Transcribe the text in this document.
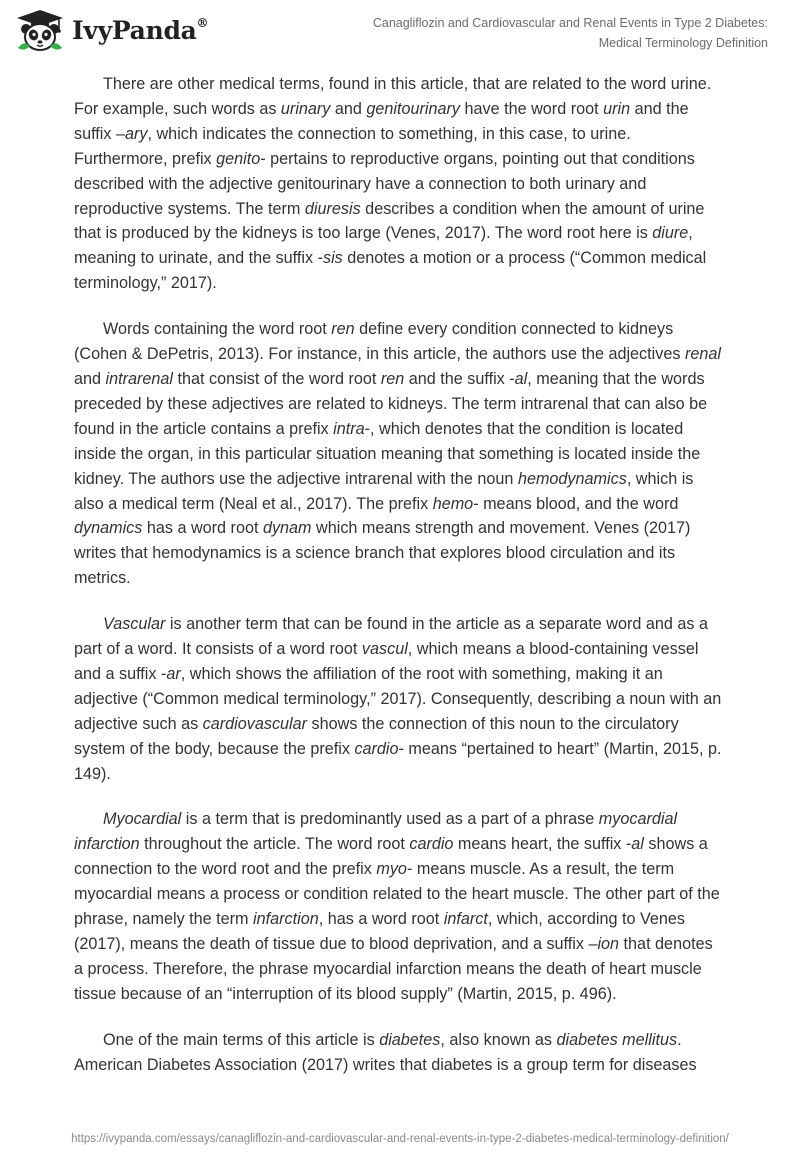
IvyPanda®	Canagliflozin and Cardiovascular and Renal Events in Type 2 Diabetes: Medical Terminology Definition

There are other medical terms, found in this article, that are related to the word urine. For example, such words as urinary and genitourinary have the word root urin and the suffix –ary, which indicates the connection to something, in this case, to urine. Furthermore, prefix genito- pertains to reproductive organs, pointing out that conditions described with the adjective genitourinary have a connection to both urinary and reproductive systems. The term diuresis describes a condition when the amount of urine that is produced by the kidneys is too large (Venes, 2017). The word root here is diure, meaning to urinate, and the suffix -sis denotes a motion or a process (“Common medical terminology,” 2017).

Words containing the word root ren define every condition connected to kidneys (Cohen & DePetris, 2013). For instance, in this article, the authors use the adjectives renal and intrarenal that consist of the word root ren and the suffix -al, meaning that the words preceded by these adjectives are related to kidneys. The term intrarenal that can also be found in the article contains a prefix intra-, which denotes that the condition is located inside the organ, in this particular situation meaning that something is located inside the kidney. The authors use the adjective intrarenal with the noun hemodynamics, which is also a medical term (Neal et al., 2017). The prefix hemo- means blood, and the word dynamics has a word root dynam which means strength and movement. Venes (2017) writes that hemodynamics is a science branch that explores blood circulation and its metrics.

Vascular is another term that can be found in the article as a separate word and as a part of a word. It consists of a word root vascul, which means a blood-containing vessel and a suffix -ar, which shows the affiliation of the root with something, making it an adjective (“Common medical terminology,” 2017). Consequently, describing a noun with an adjective such as cardiovascular shows the connection of this noun to the circulatory system of the body, because the prefix cardio- means “pertained to heart” (Martin, 2015, p. 149).

Myocardial is a term that is predominantly used as a part of a phrase myocardial infarction throughout the article. The word root cardio means heart, the suffix -al shows a connection to the word root and the prefix myo- means muscle. As a result, the term myocardial means a process or condition related to the heart muscle. The other part of the phrase, namely the term infarction, has a word root infarct, which, according to Venes (2017), means the death of tissue due to blood deprivation, and a suffix –ion that denotes a process. Therefore, the phrase myocardial infarction means the death of heart muscle tissue because of an “interruption of its blood supply” (Martin, 2015, p. 496).

One of the main terms of this article is diabetes, also known as diabetes mellitus. American Diabetes Association (2017) writes that diabetes is a group term for diseases

https://ivypanda.com/essays/canagliflozin-and-cardiovascular-and-renal-events-in-type-2-diabetes-medical-terminology-definition/
